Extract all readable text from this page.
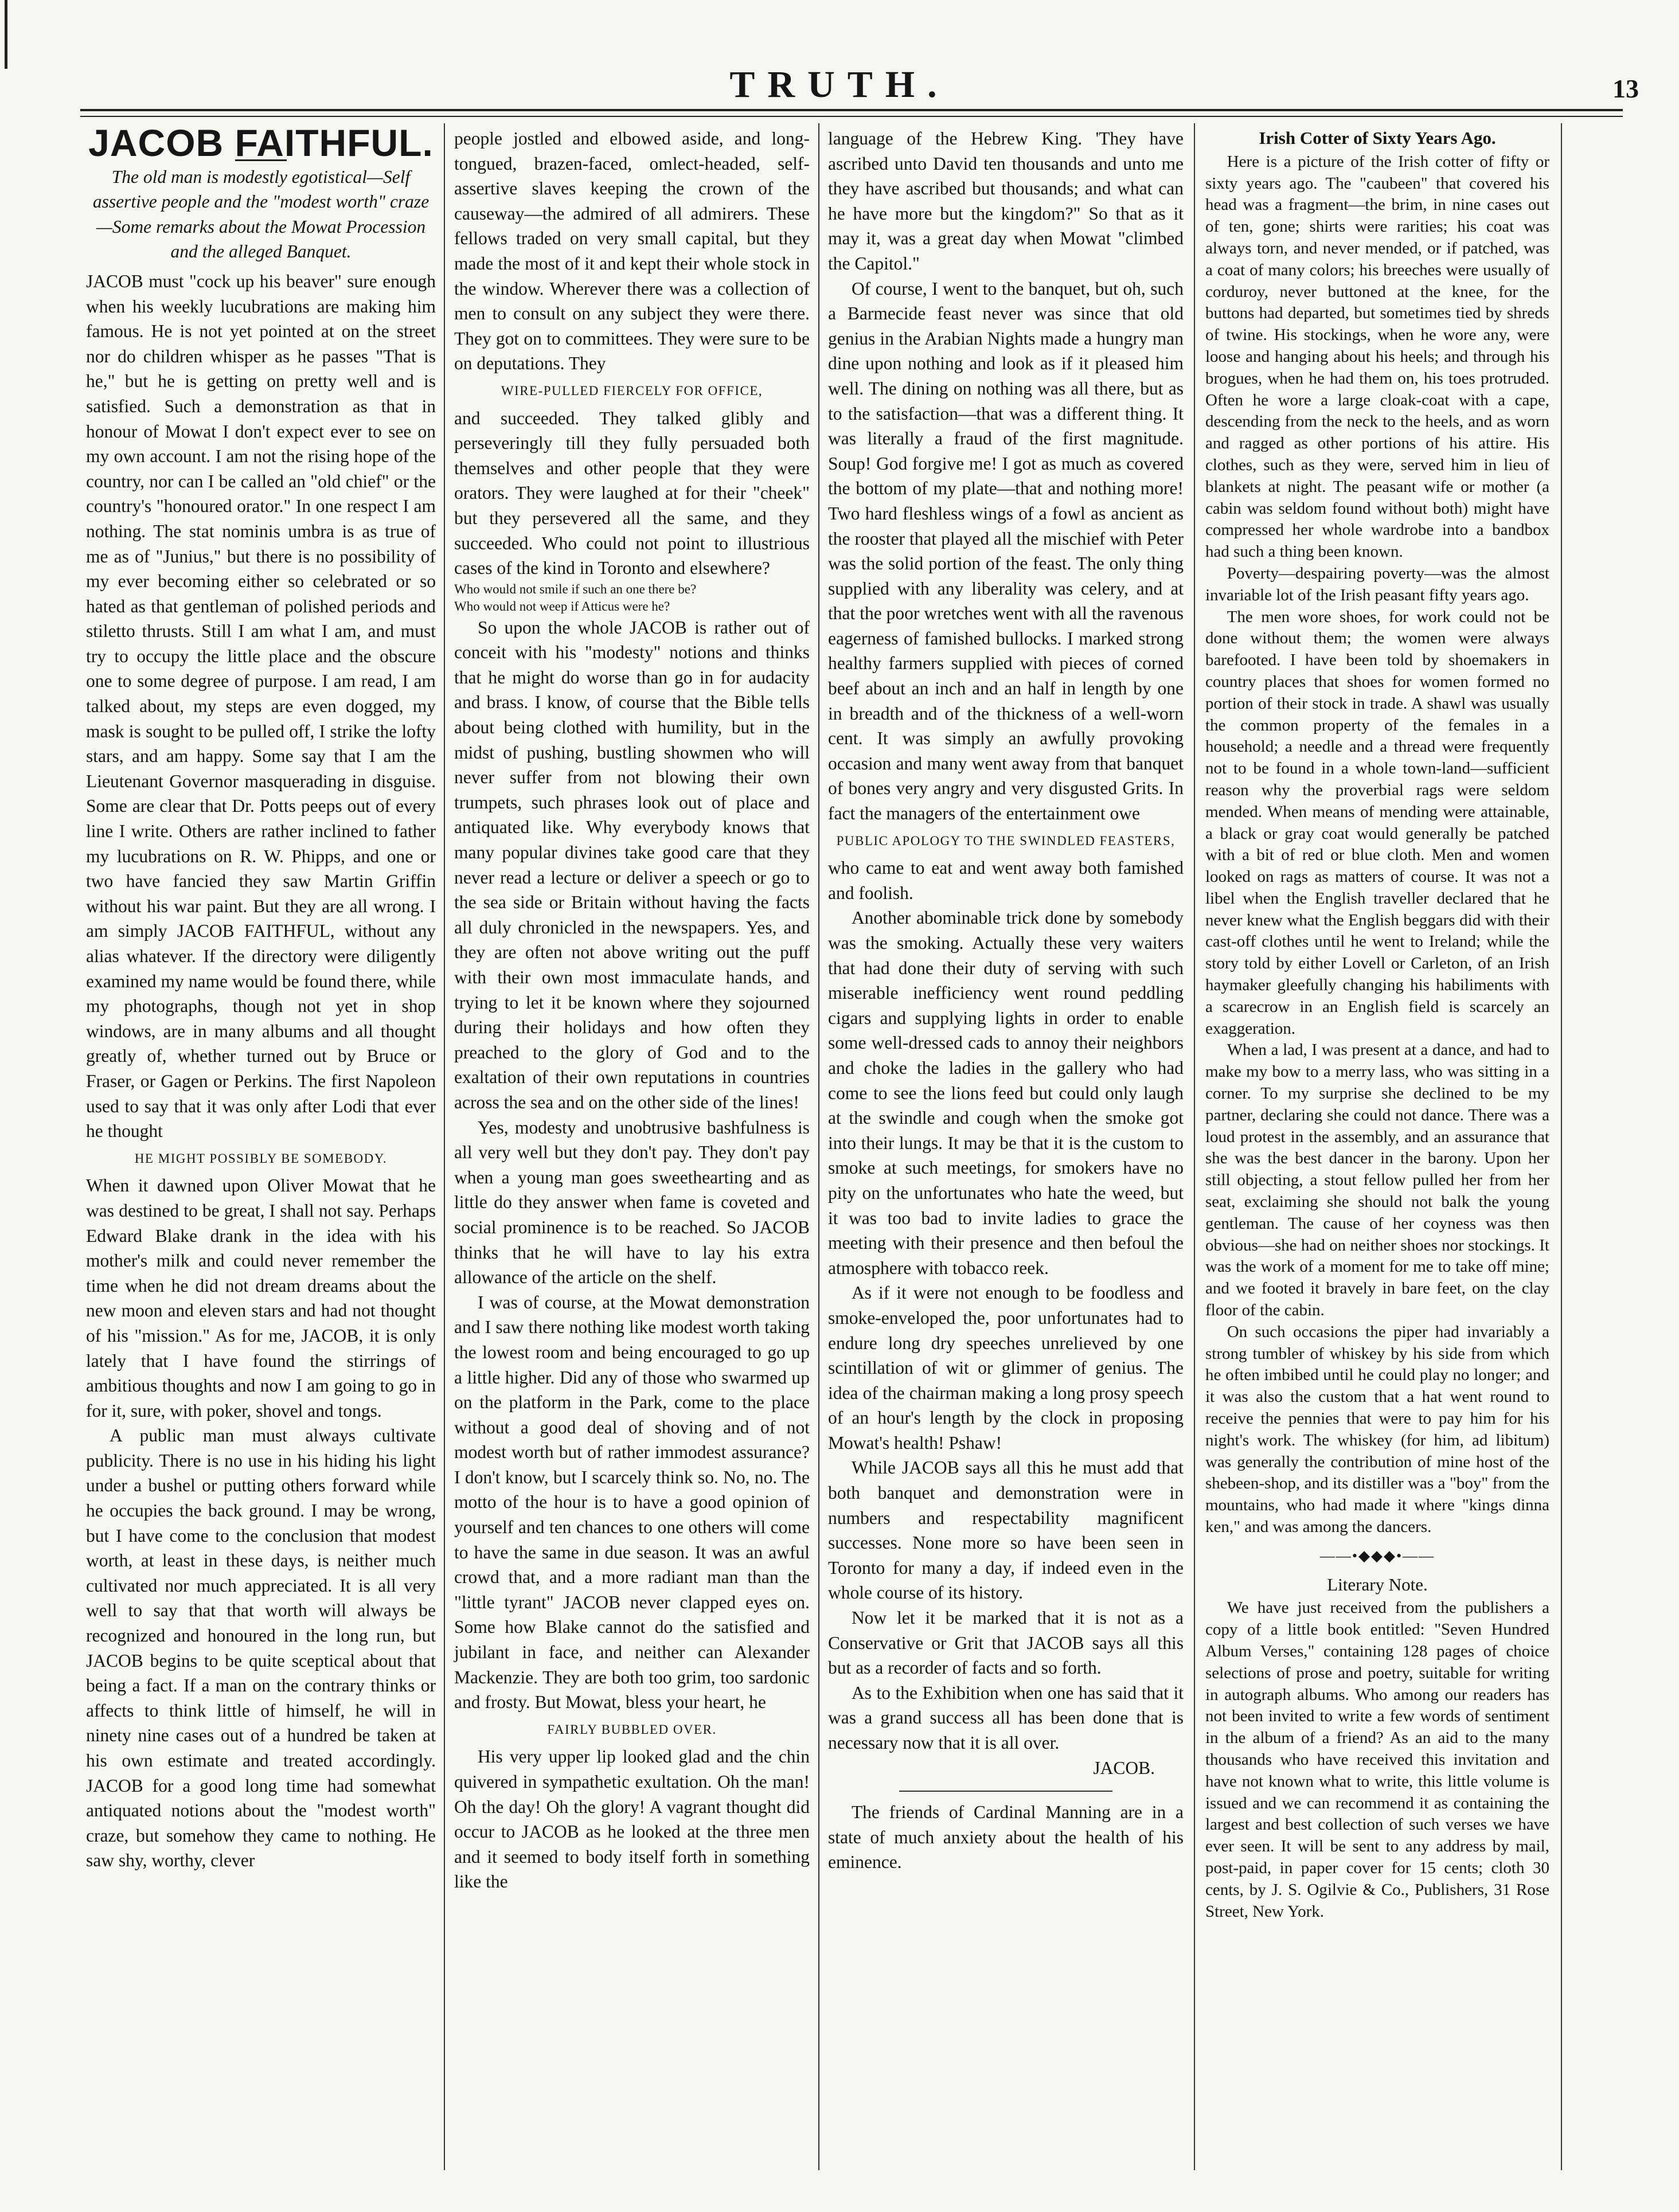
TRUTH.	13
JACOB FAITHFUL.

The old man is modestly egotistical—Self assertive people and the "modest worth" craze—Some remarks about the Mowat Procession and the alleged Banquet.

JACOB must "cock up his beaver" sure enough when his weekly lucubrations are making him famous. He is not yet pointed at on the street nor do children whisper as he passes "That is he," but he is getting on pretty well and is satisfied. Such a demonstration as that in honour of Mowat I don't expect ever to see on my own account. I am not the rising hope of the country, nor can I be called an "old chief" or the country's "honoured orator." In one respect I am nothing. The stat nominis umbra is as true of me as of "Junius," but there is no possibility of my ever becoming either so celebrated or so hated as that gentleman of polished periods and stiletto thrusts. Still I am what I am, and must try to occupy the little place and the obscure one to some degree of purpose. I am read, I am talked about, my steps are even dogged, my mask is sought to be pulled off, I strike the lofty stars, and am happy. Some say that I am the Lieutenant Governor masquerading in disguise. Some are clear that Dr. Potts peeps out of every line I write. Others are rather inclined to father my lucubrations on R. W. Phipps, and one or two have fancied they saw Martin Griffin without his war paint. But they are all wrong. I am simply JACOB FAITHFUL, without any alias whatever. If the directory were diligently examined my name would be found there, while my photographs, though not yet in shop windows, are in many albums and all thought greatly of, whether turned out by Bruce or Fraser, or Gagen or Perkins. The first Napoleon used to say that it was only after Lodi that ever he thought

HE MIGHT POSSIBLY BE SOMEBODY.

When it dawned upon Oliver Mowat that he was destined to be great, I shall not say. Perhaps Edward Blake drank in the idea with his mother's milk and could never remember the time when he did not dream dreams about the new moon and eleven stars and had not thought of his "mission." As for me, JACOB, it is only lately that I have found the stirrings of ambitious thoughts and now I am going to go in for it, sure, with poker, shovel and tongs.

A public man must always cultivate publicity. There is no use in his hiding his light under a bushel or putting others forward while he occupies the back ground. I may be wrong, but I have come to the conclusion that modest worth, at least in these days, is neither much cultivated nor much appreciated. It is all very well to say that that worth will always be recognized and honoured in the long run, but JACOB begins to be quite sceptical about that being a fact. If a man on the contrary thinks or affects to think little of himself, he will in ninety nine cases out of a hundred be taken at his own estimate and treated accordingly. JACOB for a good long time had somewhat antiquated notions about the "modest worth" craze, but somehow they came to nothing. He saw shy, worthy, clever

people jostled and elbowed aside, and long-tongued, brazen-faced, omlect-headed, self-assertive slaves keeping the crown of the causeway—the admired of all admirers. These fellows traded on very small capital, but they made the most of it and kept their whole stock in the window. Wherever there was a collection of men to consult on any subject they were there. They got on to committees. They were sure to be on deputations. They

WIRE-PULLED FIERCELY FOR OFFICE,

and succeeded. They talked glibly and perseveringly till they fully persuaded both themselves and other people that they were orators. They were laughed at for their "cheek" but they persevered all the same, and they succeeded. Who could not point to illustrious cases of the kind in Toronto and elsewhere?

Who would not smile if such an one there be?

Who would not weep if Atticus were he?

So upon the whole JACOB is rather out of conceit with his "modesty" notions and thinks that he might do worse than go in for audacity and brass. I know, of course that the Bible tells about being clothed with humility, but in the midst of pushing, bustling showmen who will never suffer from not blowing their own trumpets, such phrases look out of place and antiquated like. Why everybody knows that many popular divines take good care that they never read a lecture or deliver a speech or go to the sea side or Britain without having the facts all duly chronicled in the newspapers. Yes, and they are often not above writing out the puff with their own most immaculate hands, and trying to let it be known where they sojourned during their holidays and how often they preached to the glory of God and to the exaltation of their own reputations in countries across the sea and on the other side of the lines!

Yes, modesty and unobtrusive bashfulness is all very well but they don't pay. They don't pay when a young man goes sweethearting and as little do they answer when fame is coveted and social prominence is to be reached. So JACOB thinks that he will have to lay his extra allowance of the article on the shelf.

I was of course, at the Mowat demonstration and I saw there nothing like modest worth taking the lowest room and being encouraged to go up a little higher. Did any of those who swarmed up on the platform in the Park, come to the place without a good deal of shoving and of not modest worth but of rather immodest assurance? I don't know, but I scarcely think so. No, no. The motto of the hour is to have a good opinion of yourself and ten chances to one others will come to have the same in due season. It was an awful crowd that, and a more radiant man than the "little tyrant" JACOB never clapped eyes on. Some how Blake cannot do the satisfied and jubilant in face, and neither can Alexander Mackenzie. They are both too grim, too sardonic and frosty. But Mowat, bless your heart, he

FAIRLY BUBBLED OVER.

His very upper lip looked glad and the chin quivered in sympathetic exultation. Oh the man! Oh the day! Oh the glory! A vagrant thought did occur to JACOB as he looked at the three men and it seemed to body itself forth in something like the

language of the Hebrew King. 'They have ascribed unto David ten thousands and unto me they have ascribed but thousands; and what can he have more but the kingdom?" So that as it may it, was a great day when Mowat "climbed the Capitol."

Of course, I went to the banquet, but oh, such a Barmecide feast never was since that old genius in the Arabian Nights made a hungry man dine upon nothing and look as if it pleased him well. The dining on nothing was all there, but as to the satisfaction—that was a different thing. It was literally a fraud of the first magnitude. Soup! God forgive me! I got as much as covered the bottom of my plate—that and nothing more! Two hard fleshless wings of a fowl as ancient as the rooster that played all the mischief with Peter was the solid portion of the feast. The only thing supplied with any liberality was celery, and at that the poor wretches went with all the ravenous eagerness of famished bullocks. I marked strong healthy farmers supplied with pieces of corned beef about an inch and an half in length by one in breadth and of the thickness of a well-worn cent. It was simply an awfully provoking occasion and many went away from that banquet of bones very angry and very disgusted Grits. In fact the managers of the entertainment owe

PUBLIC APOLOGY TO THE SWINDLED FEASTERS,

who came to eat and went away both famished and foolish.

Another abominable trick done by somebody was the smoking. Actually these very waiters that had done their duty of serving with such miserable inefficiency went round peddling cigars and supplying lights in order to enable some well-dressed cads to annoy their neighbors and choke the ladies in the gallery who had come to see the lions feed but could only laugh at the swindle and cough when the smoke got into their lungs. It may be that it is the custom to smoke at such meetings, for smokers have no pity on the unfortunates who hate the weed, but it was too bad to invite ladies to grace the meeting with their presence and then befoul the atmosphere with tobacco reek.

As if it were not enough to be foodless and smoke-enveloped the, poor unfortunates had to endure long dry speeches unrelieved by one scintillation of wit or glimmer of genius. The idea of the chairman making a long prosy speech of an hour's length by the clock in proposing Mowat's health! Pshaw!

While JACOB says all this he must add that both banquet and demonstration were in numbers and respectability magnificent successes. None more so have been seen in Toronto for many a day, if indeed even in the whole course of its history.

Now let it be marked that it is not as a Conservative or Grit that JACOB says all this but as a recorder of facts and so forth.

As to the Exhibition when one has said that it was a grand success all has been done that is necessary now that it is all over.

JACOB.

The friends of Cardinal Manning are in a state of much anxiety about the health of his eminence.

Irish Cotter of Sixty Years Ago.

Here is a picture of the Irish cotter of fifty or sixty years ago. The "caubeen" that covered his head was a fragment—the brim, in nine cases out of ten, gone; shirts were rarities; his coat was always torn, and never mended, or if patched, was a coat of many colors; his breeches were usually of corduroy, never buttoned at the knee, for the buttons had departed, but sometimes tied by shreds of twine. His stockings, when he wore any, were loose and hanging about his heels; and through his brogues, when he had them on, his toes protruded. Often he wore a large cloak-coat with a cape, descending from the neck to the heels, and as worn and ragged as other portions of his attire. His clothes, such as they were, served him in lieu of blankets at night. The peasant wife or mother (a cabin was seldom found without both) might have compressed her whole wardrobe into a bandbox had such a thing been known.

Poverty—despairing poverty—was the almost invariable lot of the Irish peasant fifty years ago.

The men wore shoes, for work could not be done without them; the women were always barefooted. I have been told by shoemakers in country places that shoes for women formed no portion of their stock in trade. A shawl was usually the common property of the females in a household; a needle and a thread were frequently not to be found in a whole town-land—sufficient reason why the proverbial rags were seldom mended. When means of mending were attainable, a black or gray coat would generally be patched with a bit of red or blue cloth. Men and women looked on rags as matters of course. It was not a libel when the English traveller declared that he never knew what the English beggars did with their cast-off clothes until he went to Ireland; while the story told by either Lovell or Carleton, of an Irish haymaker gleefully changing his habiliments with a scarecrow in an English field is scarcely an exaggeration.

When a lad, I was present at a dance, and had to make my bow to a merry lass, who was sitting in a corner. To my surprise she declined to be my partner, declaring she could not dance. There was a loud protest in the assembly, and an assurance that she was the best dancer in the barony. Upon her still objecting, a stout fellow pulled her from her seat, exclaiming she should not balk the young gentleman. The cause of her coyness was then obvious—she had on neither shoes nor stockings. It was the work of a moment for me to take off mine; and we footed it bravely in bare feet, on the clay floor of the cabin.

On such occasions the piper had invariably a strong tumbler of whiskey by his side from which he often imbibed until he could play no longer; and it was also the custom that a hat went round to receive the pennies that were to pay him for his night's work. The whiskey (for him, ad libitum) was generally the contribution of mine host of the shebeen-shop, and its distiller was a "boy" from the mountains, who had made it where "kings dinna ken," and was among the dancers.

——•◆◆◆•——

Literary Note.

We have just received from the publishers a copy of a little book entitled: "Seven Hundred Album Verses," containing 128 pages of choice selections of prose and poetry, suitable for writing in autograph albums. Who among our readers has not been invited to write a few words of sentiment in the album of a friend? As an aid to the many thousands who have received this invitation and have not known what to write, this little volume is issued and we can recommend it as containing the largest and best collection of such verses we have ever seen. It will be sent to any address by mail, post-paid, in paper cover for 15 cents; cloth 30 cents, by J. S. Ogilvie & Co., Publishers, 31 Rose Street, New York.
